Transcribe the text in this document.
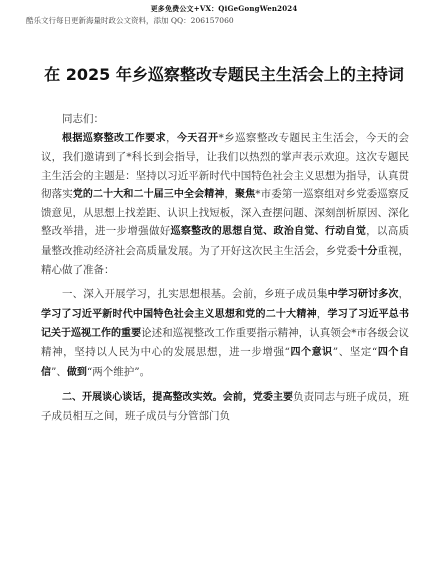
更多免费公文+VX：QiGeGongWen2024
酷乐文行每日更新海量时政公文资料，添加 QQ：206157060
在 2025 年乡巡察整改专题民主生活会上的主持词
同志们：

根据巡察整改工作要求，今天召开*乡巡察整改专题民主生活会，今天的会议，我们邀请到了*科长到会指导，让我们以热烈的掌声表示欢迎。这次专题民主生活会的主题是：坚持以习近平新时代中国特色社会主义思想为指导，认真贯彻落实党的二十大和二十届三中全会精神，聚焦*市委第一巡察组对乡党委巡察反馈意见，从思想上找差距、认识上找短板，深入查摆问题、深刻剖析原因、深化整改举措，进一步增强做好巡察整改的思想自觉、政治自觉、行动自觉，以高质量整改推动经济社会高质量发展。为了开好这次民主生活会，乡党委十分重视，精心做了准备：

一、深入开展学习，扎实思想根基。会前，乡班子成员集中学习研讨多次，学习了习近平新时代中国特色社会主义思想和党的二十大精神，学习了习近平总书记关于巡视工作的重要论述和巡视整改工作重要指示精神，认真领会*市各级会议精神，坚持以人民为中心的发展思想，进一步增强“四个意识”、坚定“四个自信”、做到“两个维护”。

二、开展谈心谈话，提高整改实效。会前，党委主要负责同志与班子成员，班子成员相互之间，班子成员与分管部门负
